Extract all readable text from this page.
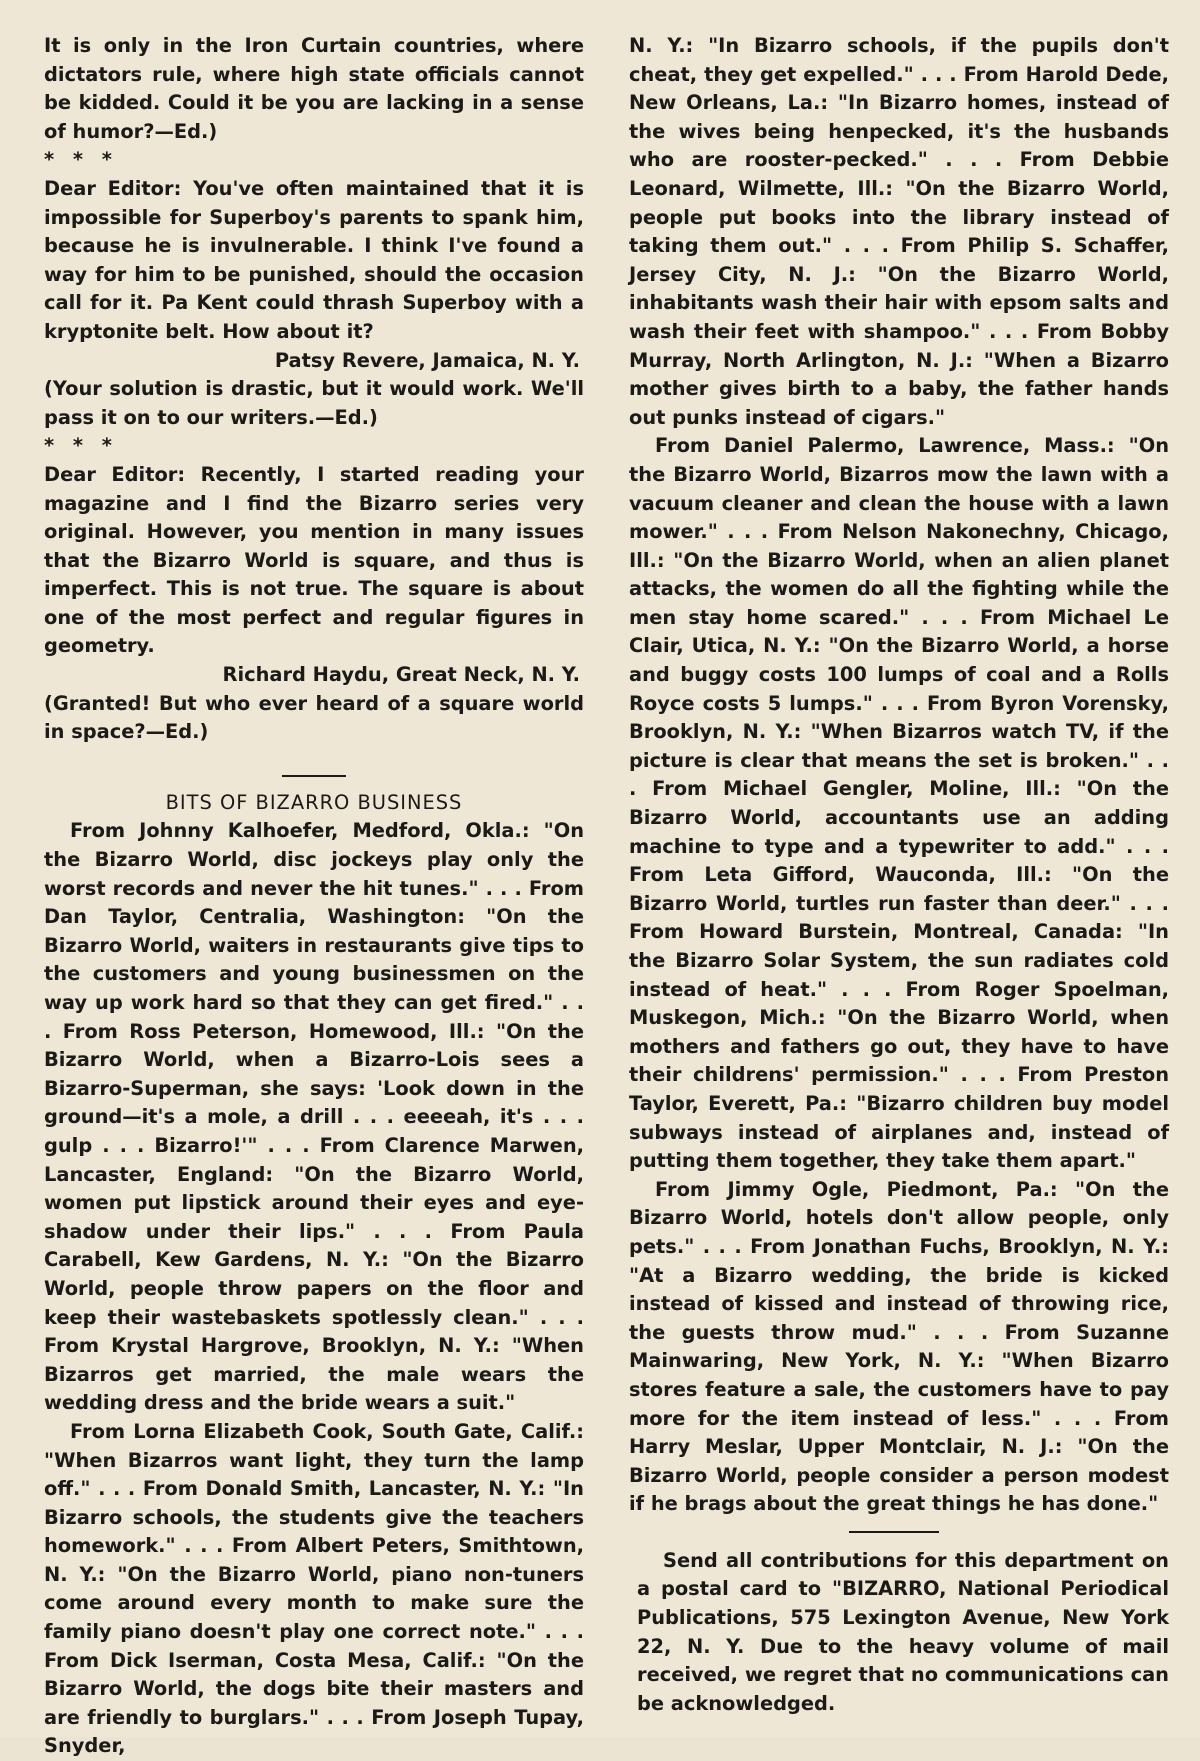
It is only in the Iron Curtain countries, where dictators rule, where high state officials cannot be kidded. Could it be you are lacking in a sense of humor?—Ed.)

* * *

Dear Editor: You've often maintained that it is impossible for Superboy's parents to spank him, because he is invulnerable. I think I've found a way for him to be punished, should the occasion call for it. Pa Kent could thrash Superboy with a kryptonite belt. How about it?

Patsy Revere, Jamaica, N. Y.

(Your solution is drastic, but it would work. We'll pass it on to our writers.—Ed.)

* * *

Dear Editor: Recently, I started reading your magazine and I find the Bizarro series very original. However, you mention in many issues that the Bizarro World is square, and thus is imperfect. This is not true. The square is about one of the most perfect and regular figures in geometry.

Richard Haydu, Great Neck, N. Y.

(Granted! But who ever heard of a square world in space?—Ed.)

BITS OF BIZARRO BUSINESS

From Johnny Kalhoefer, Medford, Okla.: "On the Bizarro World, disc jockeys play only the worst records and never the hit tunes." . . . From Dan Taylor, Centralia, Washington: "On the Bizarro World, waiters in restaurants give tips to the customers and young businessmen on the way up work hard so that they can get fired." . . . From Ross Peterson, Homewood, Ill.: "On the Bizarro World, when a Bizarro-Lois sees a Bizarro-Superman, she says: 'Look down in the ground—it's a mole, a drill . . . eeeeah, it's . . . gulp . . . Bizarro!'" . . . From Clarence Marwen, Lancaster, England: "On the Bizarro World, women put lipstick around their eyes and eye-shadow under their lips." . . . From Paula Carabell, Kew Gardens, N. Y.: "On the Bizarro World, people throw papers on the floor and keep their wastebaskets spotlessly clean." . . . From Krystal Hargrove, Brooklyn, N. Y.: "When Bizarros get married, the male wears the wedding dress and the bride wears a suit."

From Lorna Elizabeth Cook, South Gate, Calif.: "When Bizarros want light, they turn the lamp off." . . . From Donald Smith, Lancaster, N. Y.: "In Bizarro schools, the students give the teachers homework." . . . From Albert Peters, Smithtown, N. Y.: "On the Bizarro World, piano non-tuners come around every month to make sure the family piano doesn't play one correct note." . . . From Dick Iserman, Costa Mesa, Calif.: "On the Bizarro World, the dogs bite their masters and are friendly to burglars." . . . From Joseph Tupay, Snyder,

N. Y.: "In Bizarro schools, if the pupils don't cheat, they get expelled." . . . From Harold Dede, New Orleans, La.: "In Bizarro homes, instead of the wives being henpecked, it's the husbands who are rooster-pecked." . . . From Debbie Leonard, Wilmette, Ill.: "On the Bizarro World, people put books into the library instead of taking them out." . . . From Philip S. Schaffer, Jersey City, N. J.: "On the Bizarro World, inhabitants wash their hair with epsom salts and wash their feet with shampoo." . . . From Bobby Murray, North Arlington, N. J.: "When a Bizarro mother gives birth to a baby, the father hands out punks instead of cigars."

From Daniel Palermo, Lawrence, Mass.: "On the Bizarro World, Bizarros mow the lawn with a vacuum cleaner and clean the house with a lawn mower." . . . From Nelson Nakonechny, Chicago, Ill.: "On the Bizarro World, when an alien planet attacks, the women do all the fighting while the men stay home scared." . . . From Michael Le Clair, Utica, N. Y.: "On the Bizarro World, a horse and buggy costs 100 lumps of coal and a Rolls Royce costs 5 lumps." . . . From Byron Vorensky, Brooklyn, N. Y.: "When Bizarros watch TV, if the picture is clear that means the set is broken." . . . From Michael Gengler, Moline, Ill.: "On the Bizarro World, accountants use an adding machine to type and a typewriter to add." . . . From Leta Gifford, Wauconda, Ill.: "On the Bizarro World, turtles run faster than deer." . . . From Howard Burstein, Montreal, Canada: "In the Bizarro Solar System, the sun radiates cold instead of heat." . . . From Roger Spoelman, Muskegon, Mich.: "On the Bizarro World, when mothers and fathers go out, they have to have their childrens' permission." . . . From Preston Taylor, Everett, Pa.: "Bizarro children buy model subways instead of airplanes and, instead of putting them together, they take them apart."

From Jimmy Ogle, Piedmont, Pa.: "On the Bizarro World, hotels don't allow people, only pets." . . . From Jonathan Fuchs, Brooklyn, N. Y.: "At a Bizarro wedding, the bride is kicked instead of kissed and instead of throwing rice, the guests throw mud." . . . From Suzanne Mainwaring, New York, N. Y.: "When Bizarro stores feature a sale, the customers have to pay more for the item instead of less." . . . From Harry Meslar, Upper Montclair, N. J.: "On the Bizarro World, people consider a person modest if he brags about the great things he has done."

Send all contributions for this department on a postal card to "BIZARRO, National Periodical Publications, 575 Lexington Avenue, New York 22, N. Y. Due to the heavy volume of mail received, we regret that no communications can be acknowledged.
